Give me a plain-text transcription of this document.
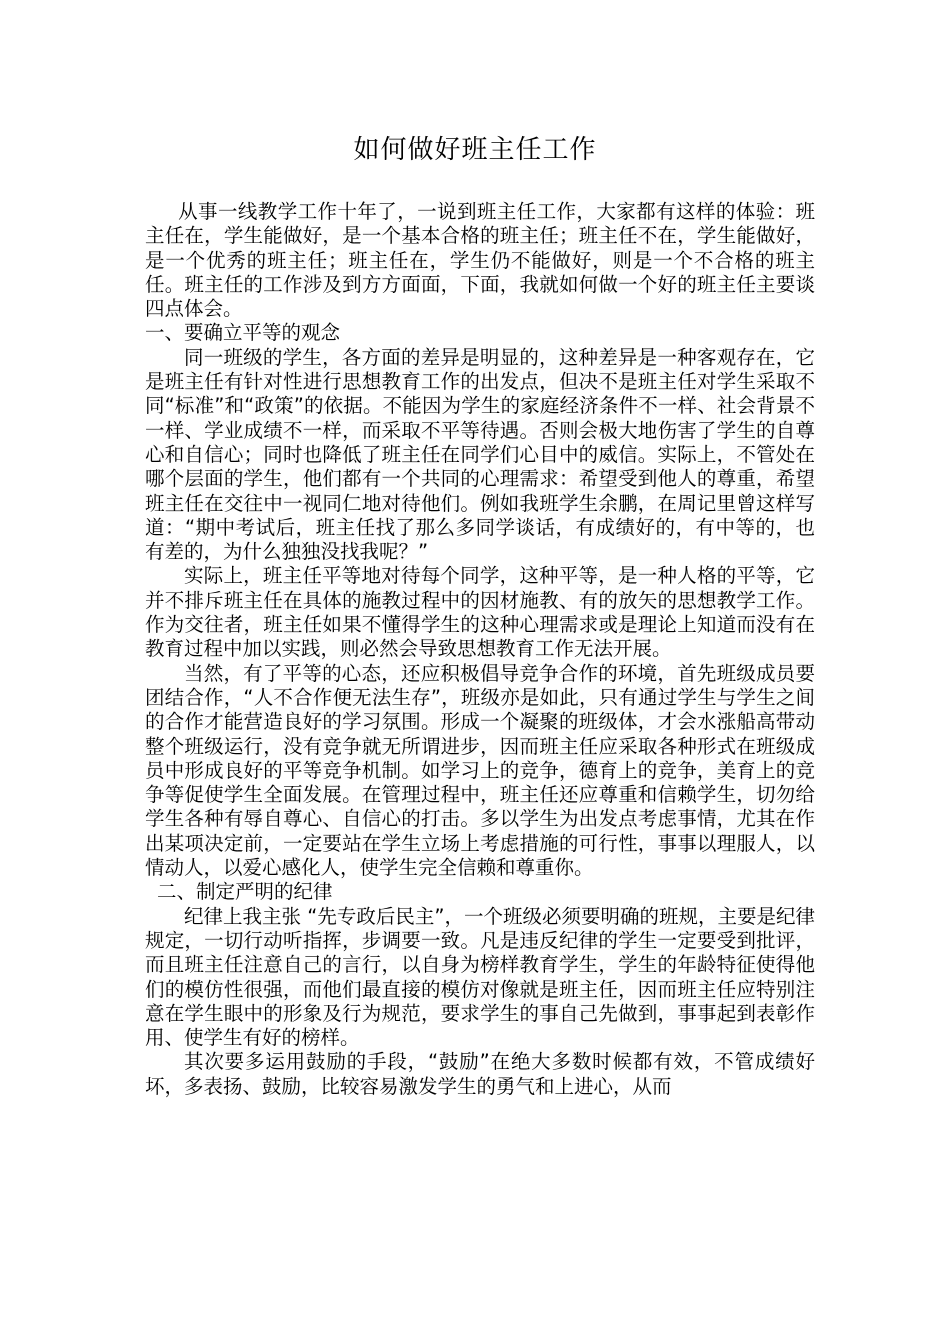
如何做好班主任工作

从事一线教学工作十年了，一说到班主任工作，大家都有这样的体验：班主任在，学生能做好，是一个基本合格的班主任；班主任不在，学生能做好，是一个优秀的班主任；班主任在，学生仍不能做好，则是一个不合格的班主任。班主任的工作涉及到方方面面，下面，我就如何做一个好的班主任主要谈四点体会。

一、要确立平等的观念

同一班级的学生，各方面的差异是明显的，这种差异是一种客观存在，它是班主任有针对性进行思想教育工作的出发点，但决不是班主任对学生采取不同“标准”和“政策”的依据。不能因为学生的家庭经济条件不一样、社会背景不一样、学业成绩不一样，而采取不平等待遇。否则会极大地伤害了学生的自尊心和自信心；同时也降低了班主任在同学们心目中的威信。实际上，不管处在哪个层面的学生，他们都有一个共同的心理需求：希望受到他人的尊重，希望班主任在交往中一视同仁地对待他们。例如我班学生余鹏，在周记里曾这样写道：“期中考试后，班主任找了那么多同学谈话，有成绩好的，有中等的，也有差的，为什么独独没找我呢？”

实际上，班主任平等地对待每个同学，这种平等，是一种人格的平等，它并不排斥班主任在具体的施教过程中的因材施教、有的放矢的思想教学工作。作为交往者，班主任如果不懂得学生的这种心理需求或是理论上知道而没有在教育过程中加以实践，则必然会导致思想教育工作无法开展。

当然，有了平等的心态，还应积极倡导竞争合作的环境，首先班级成员要团结合作，“人不合作便无法生存”，班级亦是如此，只有通过学生与学生之间的合作才能营造良好的学习氛围。形成一个凝聚的班级体，才会水涨船高带动整个班级运行，没有竞争就无所谓进步，因而班主任应采取各种形式在班级成员中形成良好的平等竞争机制。如学习上的竞争，德育上的竞争，美育上的竞争等促使学生全面发展。在管理过程中，班主任还应尊重和信赖学生，切勿给学生各种有辱自尊心、自信心的打击。多以学生为出发点考虑事情，尤其在作出某项决定前，一定要站在学生立场上考虑措施的可行性，事事以理服人，以情动人，以爱心感化人，使学生完全信赖和尊重你。

二、制定严明的纪律

纪律上我主张 “先专政后民主”，一个班级必须要明确的班规，主要是纪律规定，一切行动听指挥，步调要一致。凡是违反纪律的学生一定要受到批评，而且班主任注意自己的言行，以自身为榜样教育学生，学生的年龄特征使得他们的模仿性很强，而他们最直接的模仿对像就是班主任，因而班主任应特别注意在学生眼中的形象及行为规范，要求学生的事自己先做到，事事起到表彰作用、使学生有好的榜样。

其次要多运用鼓励的手段，“鼓励”在绝大多数时候都有效，不管成绩好坏，多表扬、鼓励，比较容易激发学生的勇气和上进心，从而
